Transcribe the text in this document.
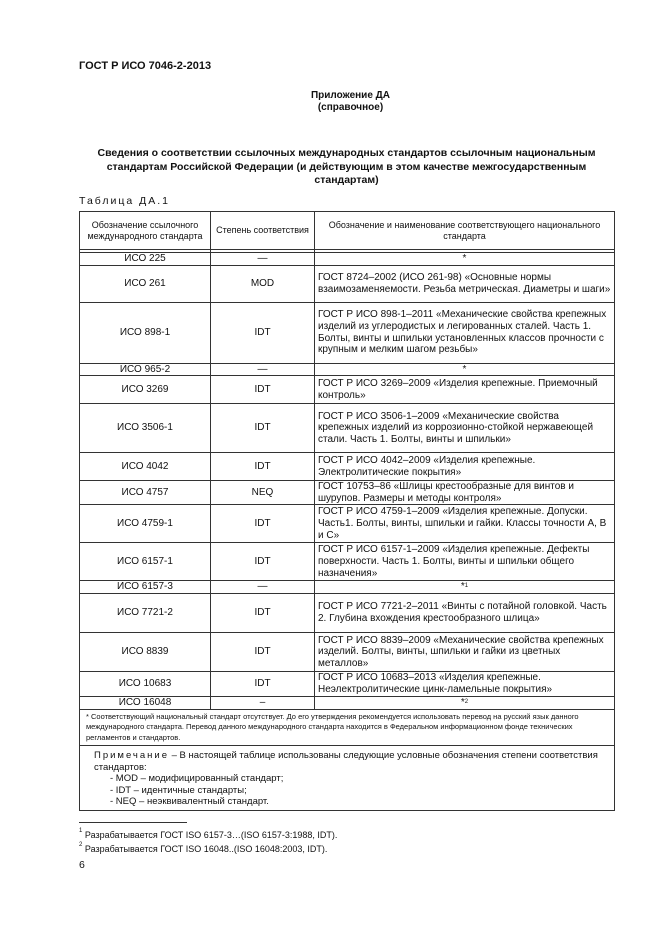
ГОСТ Р ИСО 7046-2-2013
Приложение ДА
(справочное)
Сведения о соответствии ссылочных международных стандартов ссылочным национальным стандартам Российской Федерации (и действующим в этом качестве межгосударственным стандартам)
Таблица ДА.1
Обозначение ссылочного международного стандарта	Степень соответствия	Обозначение и наименование соответствующего национального стандарта

ИСО 225	—	*
ИСО 261	MOD	ГОСТ 8724–2002 (ИСО 261-98) «Основные нормы взаимозаменяемости. Резьба метрическая. Диаметры и шаги»
ИСО 898-1	IDT	ГОСТ Р ИСО 898-1–2011 «Механические свойства крепежных изделий из углеродистых и легированных сталей. Часть 1. Болты, винты и шпильки установленных классов прочности с крупным и мелким шагом резьбы»
ИСО 965-2	—	*
ИСО 3269	IDT	ГОСТ Р ИСО 3269–2009 «Изделия крепежные. Приемочный контроль»
ИСО 3506-1	IDT	ГОСТ Р ИСО 3506-1–2009 «Механические свойства крепежных изделий из коррозионно-стойкой нержавеющей стали. Часть 1. Болты, винты и шпильки»
ИСО 4042	IDT	ГОСТ Р ИСО 4042–2009 «Изделия крепежные. Электролитические покрытия»
ИСО 4757	NEQ	ГОСТ 10753–86 «Шлицы крестообразные для винтов и шурупов. Размеры и методы контроля»
ИСО 4759-1	IDT	ГОСТ Р ИСО 4759-1–2009 «Изделия крепежные. Допуски. Часть1. Болты, винты, шпильки и гайки. Классы точности А, В и С»
ИСО 6157-1	IDT	ГОСТ Р ИСО 6157-1–2009 «Изделия крепежные. Дефекты поверхности. Часть 1. Болты, винты и шпильки общего назначения»
ИСО 6157-3	—	*$^1$
ИСО 7721-2	IDT	ГОСТ Р ИСО 7721-2–2011 «Винты с потайной головкой. Часть 2. Глубина вхождения крестообразного шлица»
ИСО 8839	IDT	ГОСТ Р ИСО 8839–2009 «Механические свойства крепежных изделий. Болты, винты, шпильки и гайки из цветных металлов»
ИСО 10683	IDT	ГОСТ Р ИСО 10683–2013 «Изделия крепежные. Неэлектролитические цинк-ламельные покрытия»
ИСО 16048	–	*$^2$
* Соответствующий национальный стандарт отсутствует. До его утверждения рекомендуется использовать перевод на русский язык данного международного стандарта. Перевод данного международного стандарта находится в Федеральном информационном фонде технических регламентов и стандартов.		

Примечание – В настоящей таблице использованы следующие условные обозначения степени соответствия стандартов:
- MOD – модифицированный стандарт;
- IDT – идентичные стандарты;
- NEQ – неэквивалентный стандарт.		
$^1$ Разрабатывается ГОСТ ISO 6157-3…(ISO 6157-3:1988, IDT).
$^2$ Разрабатывается ГОСТ ISO 16048..(ISO 16048:2003, IDT).
6
